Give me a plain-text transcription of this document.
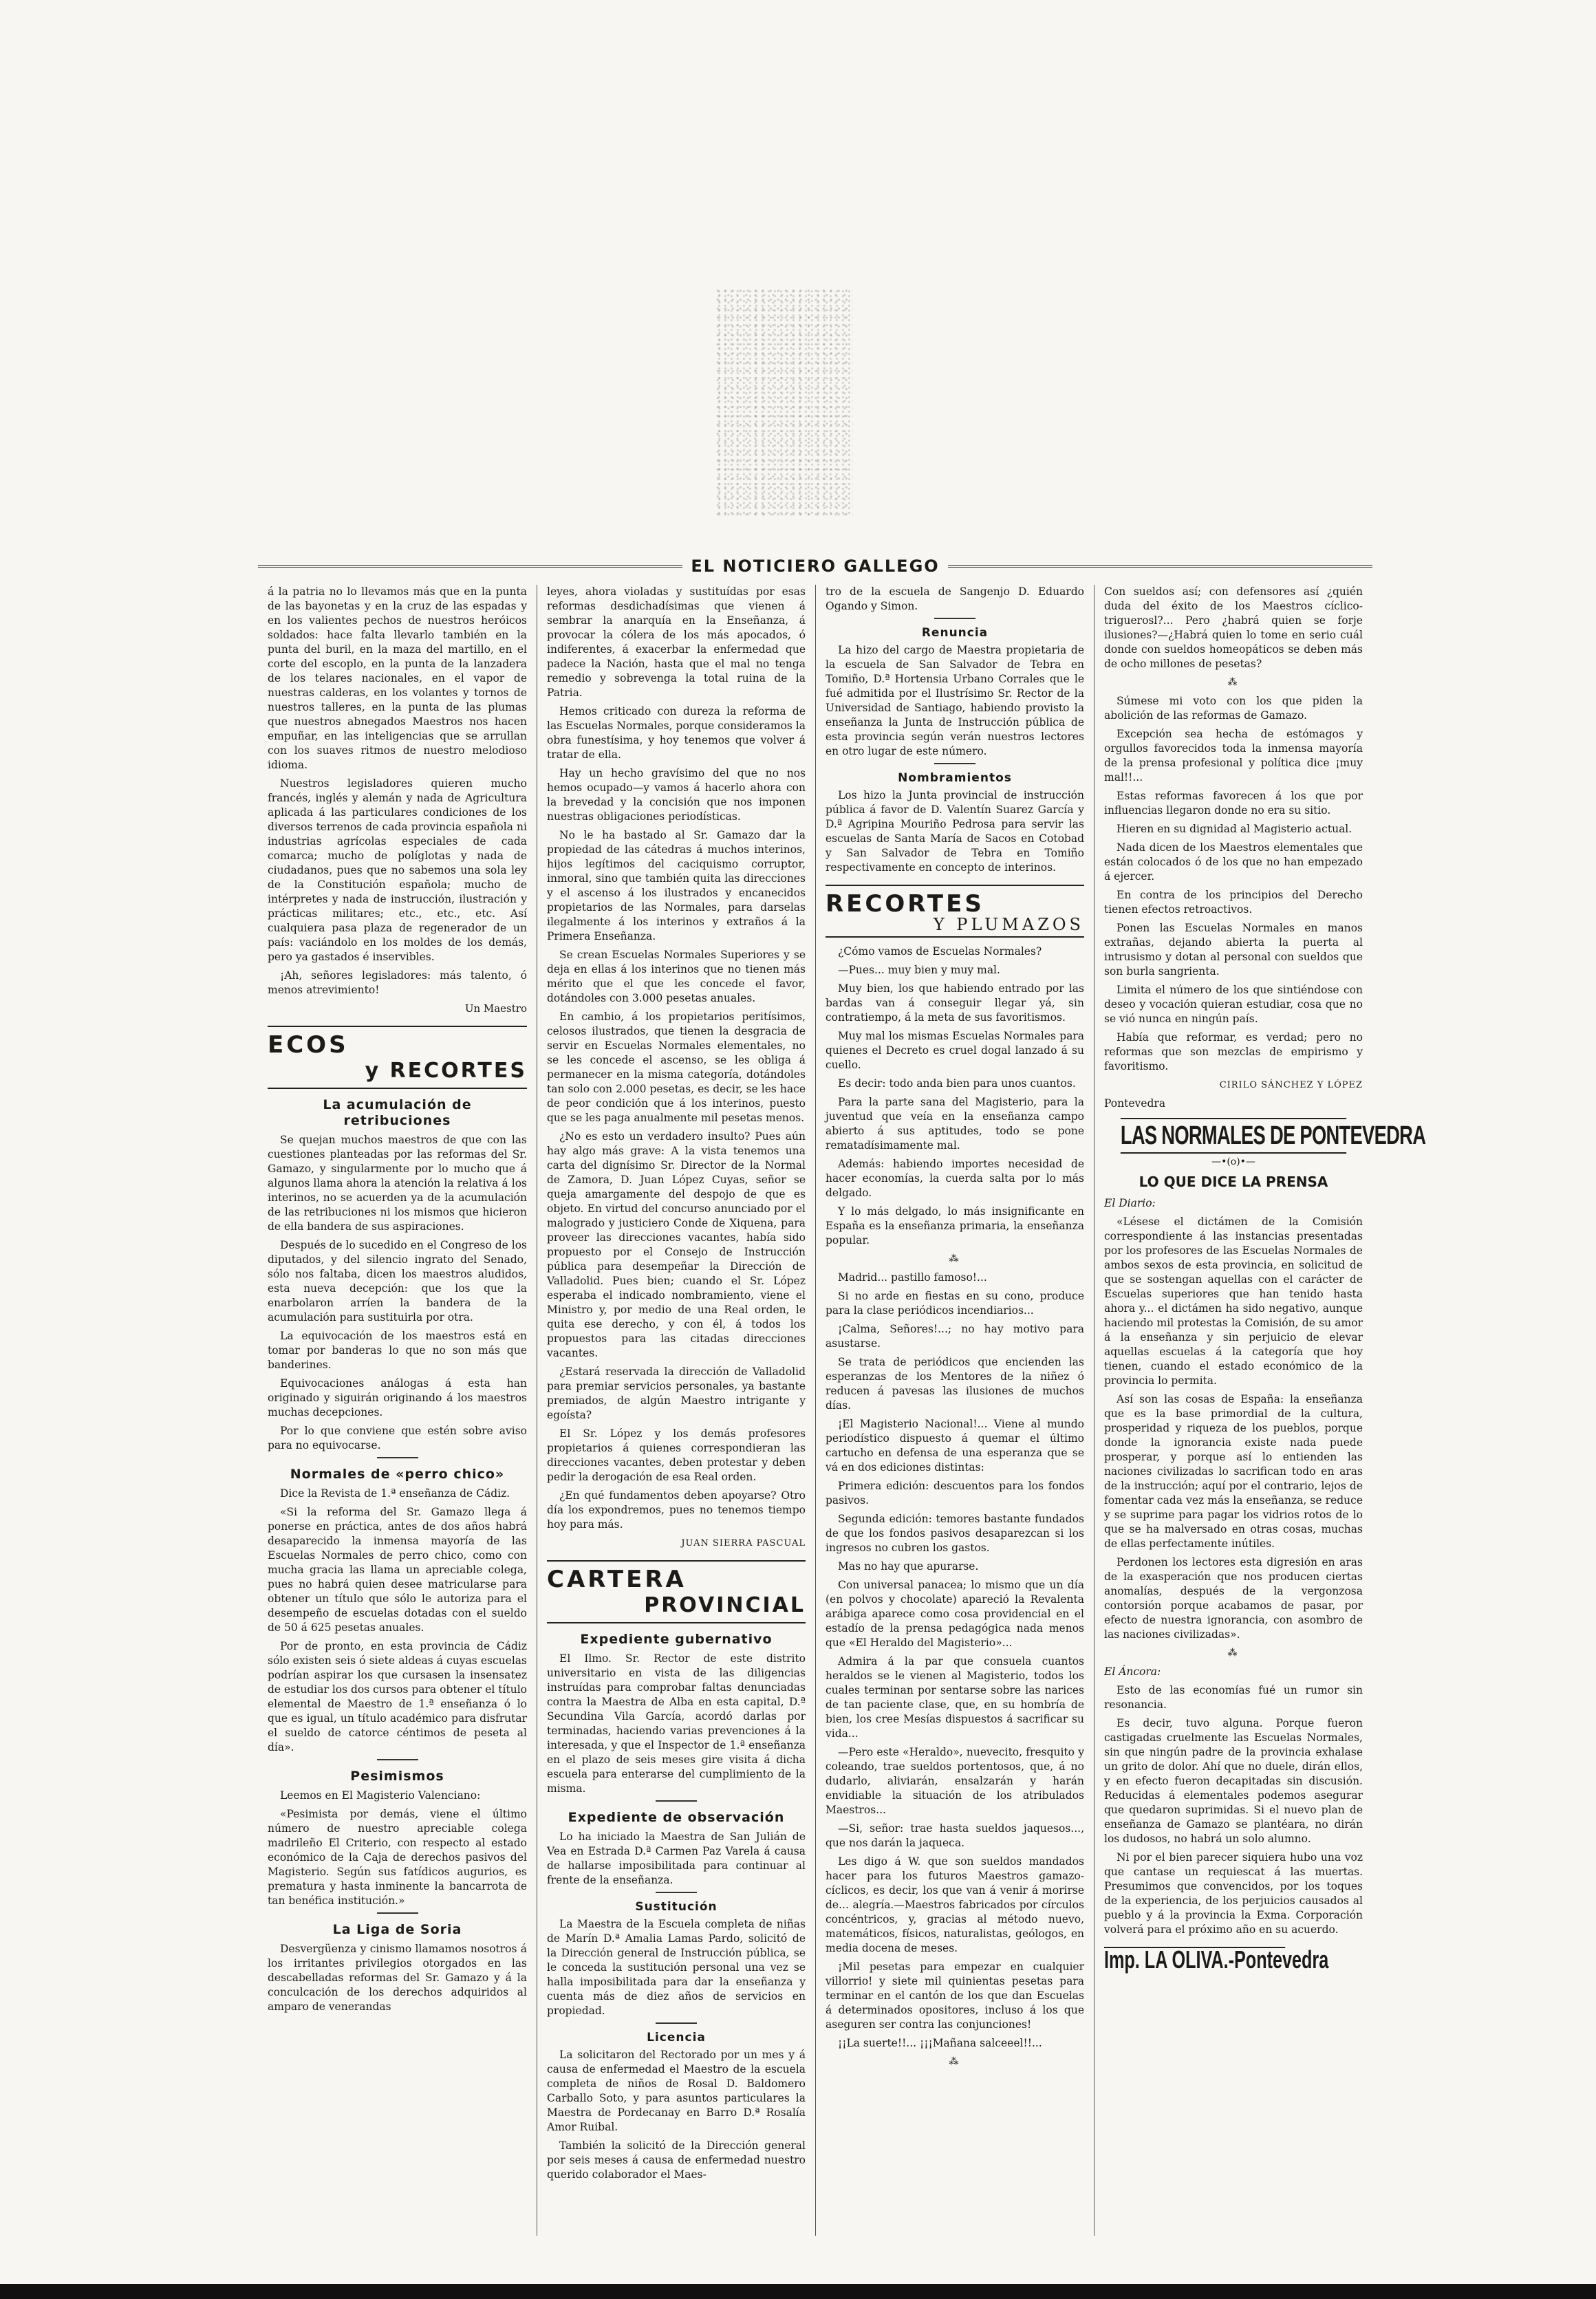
EL NOTICIERO GALLEGO

á la patria no lo llevamos más que en la punta de las bayonetas y en la cruz de las espadas y en los valientes pechos de nuestros heróicos soldados: hace falta llevarlo también en la punta del buril, en la maza del martillo, en el corte del escoplo, en la punta de la lanzadera de los telares nacionales, en el vapor de nuestras calderas, en los volantes y tornos de nuestros talleres, en la punta de las plumas que nuestros abnegados Maestros nos hacen empuñar, en las inteligencias que se arrullan con los suaves ritmos de nuestro melodioso idioma.

Nuestros legisladores quieren mucho francés, inglés y alemán y nada de Agricultura aplicada á las particulares condiciones de los diversos terrenos de cada provincia española ni industrias agrícolas especiales de cada comarca; mucho de políglotas y nada de ciudadanos, pues que no sabemos una sola ley de la Constitución española; mucho de intérpretes y nada de instrucción, ilustración y prácticas militares; etc., etc., etc. Así cualquiera pasa plaza de regenerador de un país: vaciándolo en los moldes de los demás, pero ya gastados é inservibles.

¡Ah, señores legisladores: más talento, ó menos atrevimiento!

Un Maestro

ECOS
y RECORTES
La acumulación de retribuciones

Se quejan muchos maestros de que con las cuestiones planteadas por las reformas del Sr. Gamazo, y singularmente por lo mucho que á algunos llama ahora la atención la relativa á los interinos, no se acuerden ya de la acumulación de las retribuciones ni los mismos que hicieron de ella bandera de sus aspiraciones.

Después de lo sucedido en el Congreso de los diputados, y del silencio ingrato del Senado, sólo nos faltaba, dicen los maestros aludidos, esta nueva decepción: que los que la enarbolaron arríen la bandera de la acumulación para sustituirla por otra.

La equivocación de los maestros está en tomar por banderas lo que no son más que banderines.

Equivocaciones análogas á esta han originado y siguirán originando á los maestros muchas decepciones.

Por lo que conviene que estén sobre aviso para no equivocarse.

Normales de «perro chico»

Dice la Revista de 1.ª enseñanza de Cádiz.

«Si la reforma del Sr. Gamazo llega á ponerse en práctica, antes de dos años habrá desaparecido la inmensa mayoría de las Escuelas Normales de perro chico, como con mucha gracia las llama un apreciable colega, pues no habrá quien desee matricularse para obtener un título que sólo le autoriza para el desempeño de escuelas dotadas con el sueldo de 50 á 625 pesetas anuales.

Por de pronto, en esta provincia de Cádiz sólo existen seis ó siete aldeas á cuyas escuelas podrían aspirar los que cursasen la insensatez de estudiar los dos cursos para obtener el título elemental de Maestro de 1.ª enseñanza ó lo que es igual, un título académico para disfrutar el sueldo de catorce céntimos de peseta al día».

Pesimismos

Leemos en El Magisterio Valenciano:

«Pesimista por demás, viene el último número de nuestro apreciable colega madrileño El Criterio, con respecto al estado económico de la Caja de derechos pasivos del Magisterio. Según sus fatídicos augurios, es prematura y hasta inminente la bancarrota de tan benéfica institución.»

La Liga de Soria

Desvergüenza y cinismo llamamos nosotros á los irritantes privilegios otorgados en las descabelladas reformas del Sr. Gamazo y á la conculcación de los derechos adquiridos al amparo de venerandas

leyes, ahora violadas y sustituídas por esas reformas desdichadísimas que vienen á sembrar la anarquía en la Enseñanza, á provocar la cólera de los más apocados, ó indiferentes, á exacerbar la enfermedad que padece la Nación, hasta que el mal no tenga remedio y sobrevenga la total ruina de la Patria.

Hemos criticado con dureza la reforma de las Escuelas Normales, porque consideramos la obra funestísima, y hoy tenemos que volver á tratar de ella.

Hay un hecho gravísimo del que no nos hemos ocupado—y vamos á hacerlo ahora con la brevedad y la concisión que nos imponen nuestras obligaciones periodísticas.

No le ha bastado al Sr. Gamazo dar la propiedad de las cátedras á muchos interinos, hijos legítimos del caciquismo corruptor, inmoral, sino que también quita las direcciones y el ascenso á los ilustrados y encanecidos propietarios de las Normales, para darselas ilegalmente á los interinos y extraños á la Primera Enseñanza.

Se crean Escuelas Normales Superiores y se deja en ellas á los interinos que no tienen más mérito que el que les concede el favor, dotándoles con 3.000 pesetas anuales.

En cambio, á los propietarios peritísimos, celosos ilustrados, que tienen la desgracia de servir en Escuelas Normales elementales, no se les concede el ascenso, se les obliga á permanecer en la misma categoría, dotándoles tan solo con 2.000 pesetas, es decir, se les hace de peor condición que á los interinos, puesto que se les paga anualmente mil pesetas menos.

¿No es esto un verdadero insulto? Pues aún hay algo más grave: A la vista tenemos una carta del dignísimo Sr. Director de la Normal de Zamora, D. Juan López Cuyas, señor se queja amargamente del despojo de que es objeto. En virtud del concurso anunciado por el malogrado y justiciero Conde de Xiquena, para proveer las direcciones vacantes, había sido propuesto por el Consejo de Instrucción pública para desempeñar la Dirección de Valladolid. Pues bien; cuando el Sr. López esperaba el indicado nombramiento, viene el Ministro y, por medio de una Real orden, le quita ese derecho, y con él, á todos los propuestos para las citadas direcciones vacantes.

¿Estará reservada la dirección de Valladolid para premiar servicios personales, ya bastante premiados, de algún Maestro intrigante y egoísta?

El Sr. López y los demás profesores propietarios á quienes correspondieran las direcciones vacantes, deben protestar y deben pedir la derogación de esa Real orden.

¿En qué fundamentos deben apoyarse? Otro día los expondremos, pues no tenemos tiempo hoy para más.

JUAN SIERRA PASCUAL

CARTERA
PROVINCIAL
Expediente gubernativo

El Ilmo. Sr. Rector de este distrito universitario en vista de las diligencias instruídas para comprobar faltas denunciadas contra la Maestra de Alba en esta capital, D.ª Secundina Vila García, acordó darlas por terminadas, haciendo varias prevenciones á la interesada, y que el Inspector de 1.ª enseñanza en el plazo de seis meses gire visita á dicha escuela para enterarse del cumplimiento de la misma.

Expediente de observación

Lo ha iniciado la Maestra de San Julián de Vea en Estrada D.ª Carmen Paz Varela á causa de hallarse imposibilitada para continuar al frente de la enseñanza.

Sustitución

La Maestra de la Escuela completa de niñas de Marín D.ª Amalia Lamas Pardo, solicitó de la Dirección general de Instrucción pública, se le conceda la sustitución personal una vez se halla imposibilitada para dar la enseñanza y cuenta más de diez años de servicios en propiedad.

Licencia

La solicitaron del Rectorado por un mes y á causa de enfermedad el Maestro de la escuela completa de niños de Rosal D. Baldomero Carballo Soto, y para asuntos particulares la Maestra de Pordecanay en Barro D.ª Rosalía Amor Ruibal.

También la solicitó de la Dirección general por seis meses á causa de enfermedad nuestro querido colaborador el Maes-

tro de la escuela de Sangenjo D. Eduardo Ogando y Simon.

Renuncia

La hizo del cargo de Maestra propietaria de la escuela de San Salvador de Tebra en Tomiño, D.ª Hortensia Urbano Corrales que le fué admitida por el Ilustrísimo Sr. Rector de la Universidad de Santiago, habiendo provisto la enseñanza la Junta de Instrucción pública de esta provincia según verán nuestros lectores en otro lugar de este número.

Nombramientos

Los hizo la Junta provincial de instrucción pública á favor de D. Valentín Suarez García y D.ª Agripina Mouriño Pedrosa para servir las escuelas de Santa María de Sacos en Cotobad y San Salvador de Tebra en Tomiño respectivamente en concepto de interinos.

RECORTES
Y PLUMAZOS

¿Cómo vamos de Escuelas Normales?

—Pues... muy bien y muy mal.

Muy bien, los que habiendo entrado por las bardas van á conseguir llegar yá, sin contratiempo, á la meta de sus favoritismos.

Muy mal los mismas Escuelas Normales para quienes el Decreto es cruel dogal lanzado á su cuello.

Es decir: todo anda bien para unos cuantos.

Para la parte sana del Magisterio, para la juventud que veía en la enseñanza campo abierto á sus aptitudes, todo se pone rematadísimamente mal.

Además: habiendo importes necesidad de hacer economías, la cuerda salta por lo más delgado.

Y lo más delgado, lo más insignificante en España es la enseñanza primaria, la enseñanza popular.

⁂

Madrid... pastillo famoso!...

Si no arde en fiestas en su cono, produce para la clase periódicos incendiarios...

¡Calma, Señores!...; no hay motivo para asustarse.

Se trata de periódicos que encienden las esperanzas de los Mentores de la niñez ó reducen á pavesas las ilusiones de muchos días.

¡El Magisterio Nacional!... Viene al mundo periodístico dispuesto á quemar el último cartucho en defensa de una esperanza que se vá en dos ediciones distintas:

Primera edición: descuentos para los fondos pasivos.

Segunda edición: temores bastante fundados de que los fondos pasivos desaparezcan si los ingresos no cubren los gastos.

Mas no hay que apurarse.

Con universal panacea; lo mismo que un día (en polvos y chocolate) apareció la Revalenta arábiga aparece como cosa providencial en el estadío de la prensa pedagógica nada menos que «El Heraldo del Magisterio»...

Admira á la par que consuela cuantos heraldos se le vienen al Magisterio, todos los cuales terminan por sentarse sobre las narices de tan paciente clase, que, en su hombría de bien, los cree Mesías dispuestos á sacrificar su vida...

—Pero este «Heraldo», nuevecito, fresquito y coleando, trae sueldos portentosos, que, á no dudarlo, aliviarán, ensalzarán y harán envidiable la situación de los atribulados Maestros...

—Si, señor: trae hasta sueldos jaquesos..., que nos darán la jaqueca.

Les digo á W. que son sueldos mandados hacer para los futuros Maestros gamazo-cíclicos, es decir, los que van á venir á morirse de... alegría.—Maestros fabricados por círculos concéntricos, y, gracias al método nuevo, matemáticos, físicos, naturalistas, geólogos, en media docena de meses.

¡Mil pesetas para empezar en cualquier villorrio! y siete mil quinientas pesetas para terminar en el cantón de los que dan Escuelas á determinados opositores, incluso á los que aseguren ser contra las conjunciones!

¡¡La suerte!!... ¡¡¡Mañana salceeel!!...

⁂

Con sueldos así; con defensores así ¿quién duda del éxito de los Maestros cíclico-triguerosl?... Pero ¿habrá quien se forje ilusiones?—¿Habrá quien lo tome en serio cuál donde con sueldos homeopáticos se deben más de ocho millones de pesetas?

⁂

Súmese mi voto con los que piden la abolición de las reformas de Gamazo.

Excepción sea hecha de estómagos y orgullos favorecidos toda la inmensa mayoría de la prensa profesional y política dice ¡muy mal!!...

Estas reformas favorecen á los que por influencias llegaron donde no era su sitio.

Hieren en su dignidad al Magisterio actual.

Nada dicen de los Maestros elementales que están colocados ó de los que no han empezado á ejercer.

En contra de los principios del Derecho tienen efectos retroactivos.

Ponen las Escuelas Normales en manos extrañas, dejando abierta la puerta al intrusismo y dotan al personal con sueldos que son burla sangrienta.

Limita el número de los que sintiéndose con deseo y vocación quieran estudiar, cosa que no se vió nunca en ningún país.

Había que reformar, es verdad; pero no reformas que son mezclas de empirismo y favoritismo.

CIRILO SÁNCHEZ Y LÓPEZ

Pontevedra

LAS NORMALES DE PONTEVEDRA
—•(o)•—
LO QUE DICE LA PRENSA

El Diario:

«Lésese el dictámen de la Comisión correspondiente á las instancias presentadas por los profesores de las Escuelas Normales de ambos sexos de esta provincia, en solicitud de que se sostengan aquellas con el carácter de Escuelas superiores que han tenido hasta ahora y... el dictámen ha sido negativo, aunque haciendo mil protestas la Comisión, de su amor á la enseñanza y sin perjuicio de elevar aquellas escuelas á la categoría que hoy tienen, cuando el estado económico de la provincia lo permita.

Así son las cosas de España: la enseñanza que es la base primordial de la cultura, prosperidad y riqueza de los pueblos, porque donde la ignorancia existe nada puede prosperar, y porque así lo entienden las naciones civilizadas lo sacrifican todo en aras de la instrucción; aquí por el contrario, lejos de fomentar cada vez más la enseñanza, se reduce y se suprime para pagar los vidrios rotos de lo que se ha malversado en otras cosas, muchas de ellas perfectamente inútiles.

Perdonen los lectores esta digresión en aras de la exasperación que nos producen ciertas anomalías, después de la vergonzosa contorsión porque acabamos de pasar, por efecto de nuestra ignorancia, con asombro de las naciones civilizadas».

⁂

El Áncora:

Esto de las economías fué un rumor sin resonancia.

Es decir, tuvo alguna. Porque fueron castigadas cruelmente las Escuelas Normales, sin que ningún padre de la provincia exhalase un grito de dolor. Ahí que no duele, dirán ellos, y en efecto fueron decapitadas sin discusión. Reducidas á elementales podemos asegurar que quedaron suprimidas. Si el nuevo plan de enseñanza de Gamazo se plantéara, no dirán los dudosos, no habrá un solo alumno.

Ni por el bien parecer siquiera hubo una voz que cantase un requiescat á las muertas. Presumimos que convencidos, por los toques de la experiencia, de los perjuicios causados al pueblo y á la provincia la Exma. Corporación volverá para el próximo año en su acuerdo.

Imp. LA OLIVA.-Pontevedra
